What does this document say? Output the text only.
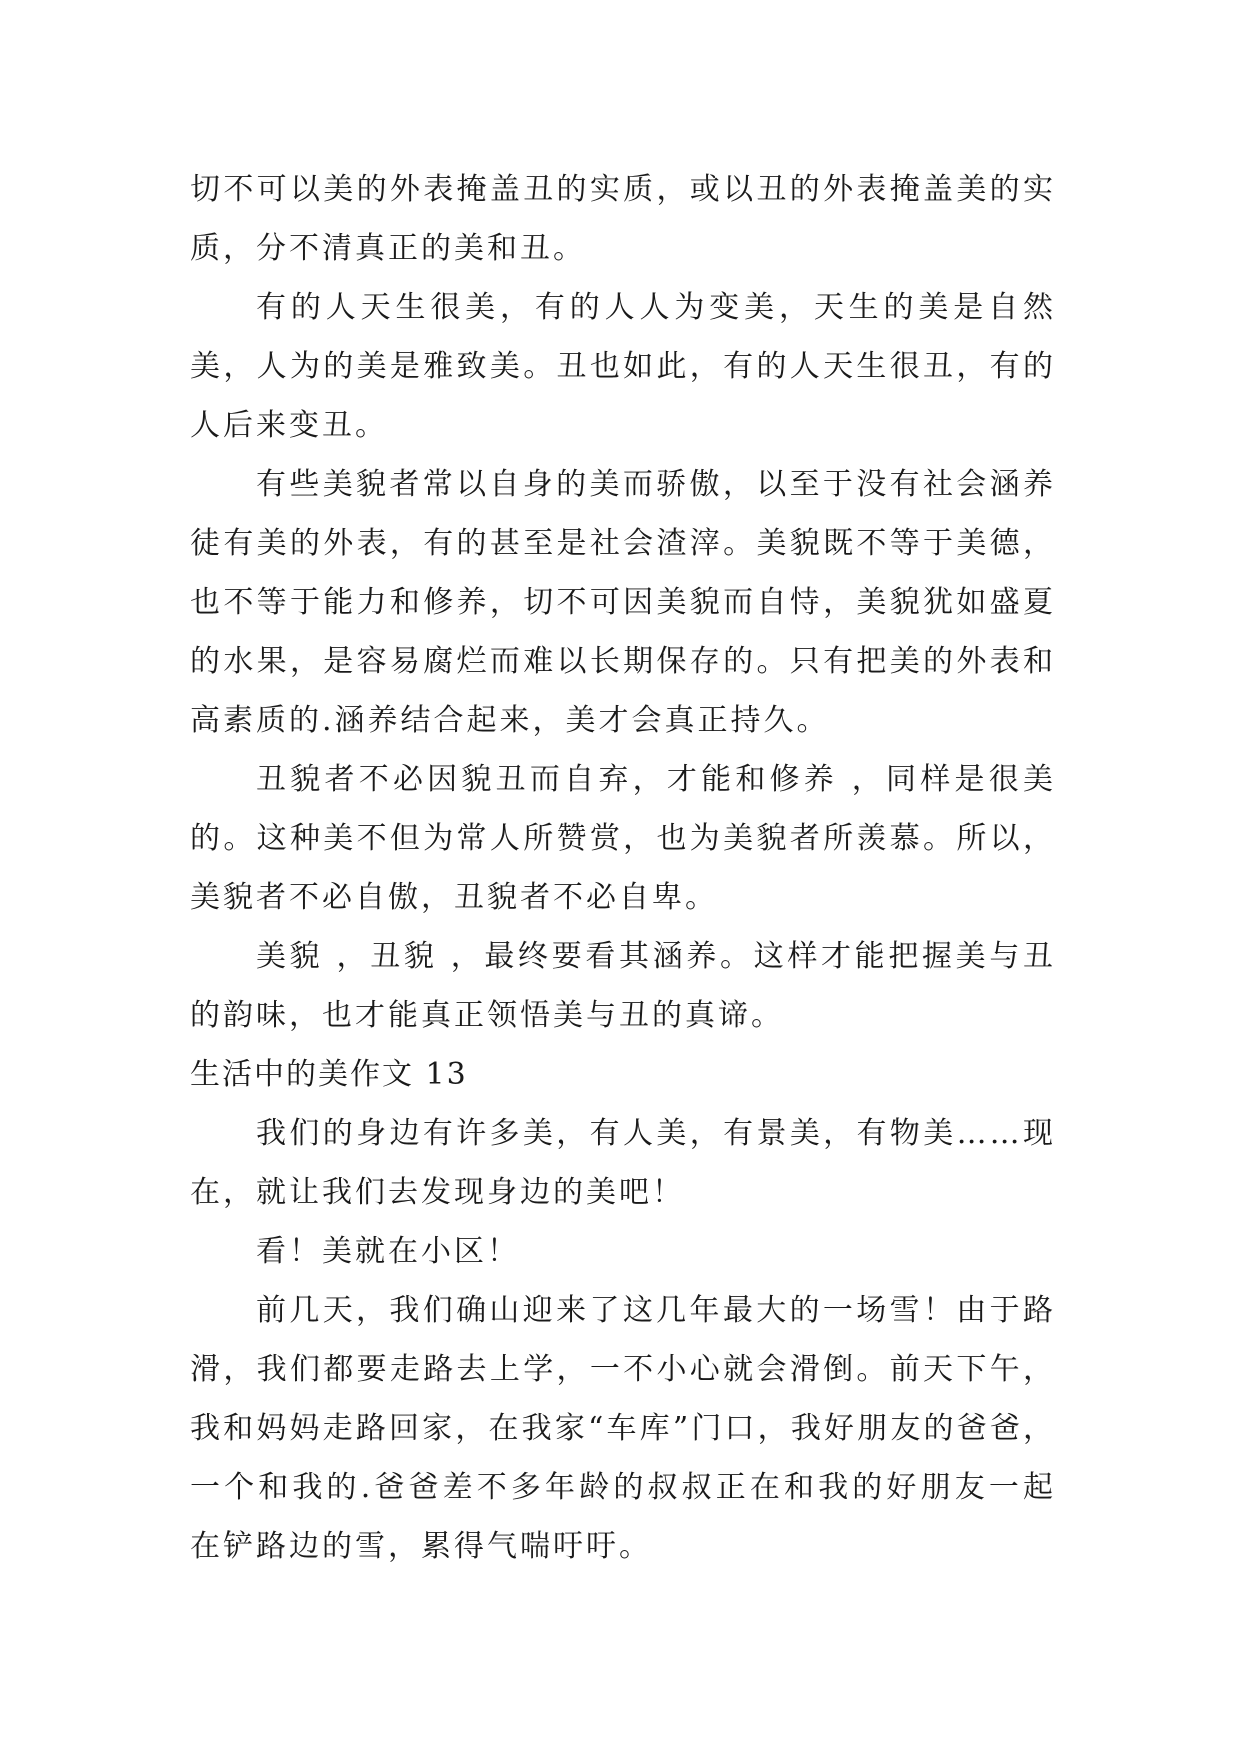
切不可以美的外表掩盖丑的实质，或以丑的外表掩盖美的实质，分不清真正的美和丑。

有的人天生很美，有的人人为变美，天生的美是自然美，人为的美是雅致美。丑也如此，有的人天生很丑，有的人后来变丑。

有些美貌者常以自身的美而骄傲，以至于没有社会涵养徒有美的外表，有的甚至是社会渣滓。美貌既不等于美德，也不等于能力和修养，切不可因美貌而自恃，美貌犹如盛夏的水果，是容易腐烂而难以长期保存的。只有把美的外表和高素质的.涵养结合起来，美才会真正持久。

丑貌者不必因貌丑而自弃，才能和修养 ，同样是很美的。这种美不但为常人所赞赏，也为美貌者所羡慕。所以，美貌者不必自傲，丑貌者不必自卑。

美貌 ，丑貌 ，最终要看其涵养。这样才能把握美与丑的韵味，也才能真正领悟美与丑的真谛。

生活中的美作文 13

我们的身边有许多美，有人美，有景美，有物美……现在，就让我们去发现身边的美吧！

看！美就在小区！

前几天，我们确山迎来了这几年最大的一场雪！由于路滑，我们都要走路去上学，一不小心就会滑倒。前天下午，我和妈妈走路回家，在我家“车库”门口，我好朋友的爸爸，一个和我的.爸爸差不多年龄的叔叔正在和我的好朋友一起在铲路边的雪，累得气喘吁吁。
